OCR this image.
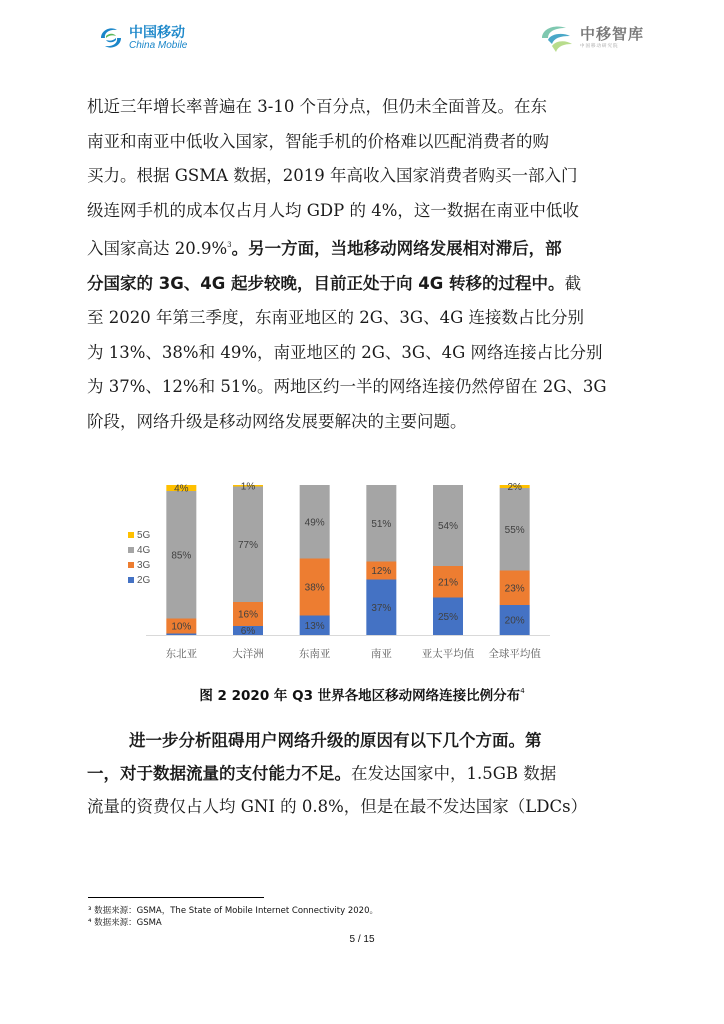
中国移动
China Mobile
中移智库
中国移动研究院

机近三年增长率普遍在 3-10 个百分点，但仍未全面普及。在东

南亚和南亚中低收入国家，智能手机的价格难以匹配消费者的购

买力。根据 GSMA 数据，2019 年高收入国家消费者购买一部入门

级连网手机的成本仅占月人均 GDP 的 4%，这一数据在南亚中低收

入国家高达 20.9%$^3$。另一方面，当地移动网络发展相对滞后，部

分国家的 3G、4G 起步较晚，目前正处于向 4G 转移的过程中。截

至 2020 年第三季度，东南亚地区的 2G、3G、4G 连接数占比分别

为 13%、38%和 49%，南亚地区的 2G、3G、4G 网络连接占比分别

为 37%、12%和 51%。两地区约一半的网络连接仍然停留在 2G、3G

阶段，网络升级是移动网络发展要解决的主要问题。

10%
85%
4%
东北亚
6%
16%
77%
1%
大洋洲
13%
38%
49%
东南亚
37%
12%
51%
南亚
25%
21%
54%
亚太平均值
20%
23%
55%
2%
全球平均值
5G
4G
3G
2G
图 2 2020 年 Q3 世界各地区移动网络连接比例分布$^4$

进一步分析阻碍用户网络升级的原因有以下几个方面。第

一，对于数据流量的支付能力不足。在发达国家中，1.5GB 数据

流量的资费仅占人均 GNI 的 0.8%，但是在最不发达国家（LDCs）

³ 数据来源：GSMA，The State of Mobile Internet Connectivity 2020。
⁴ 数据来源：GSMA
5 / 15
